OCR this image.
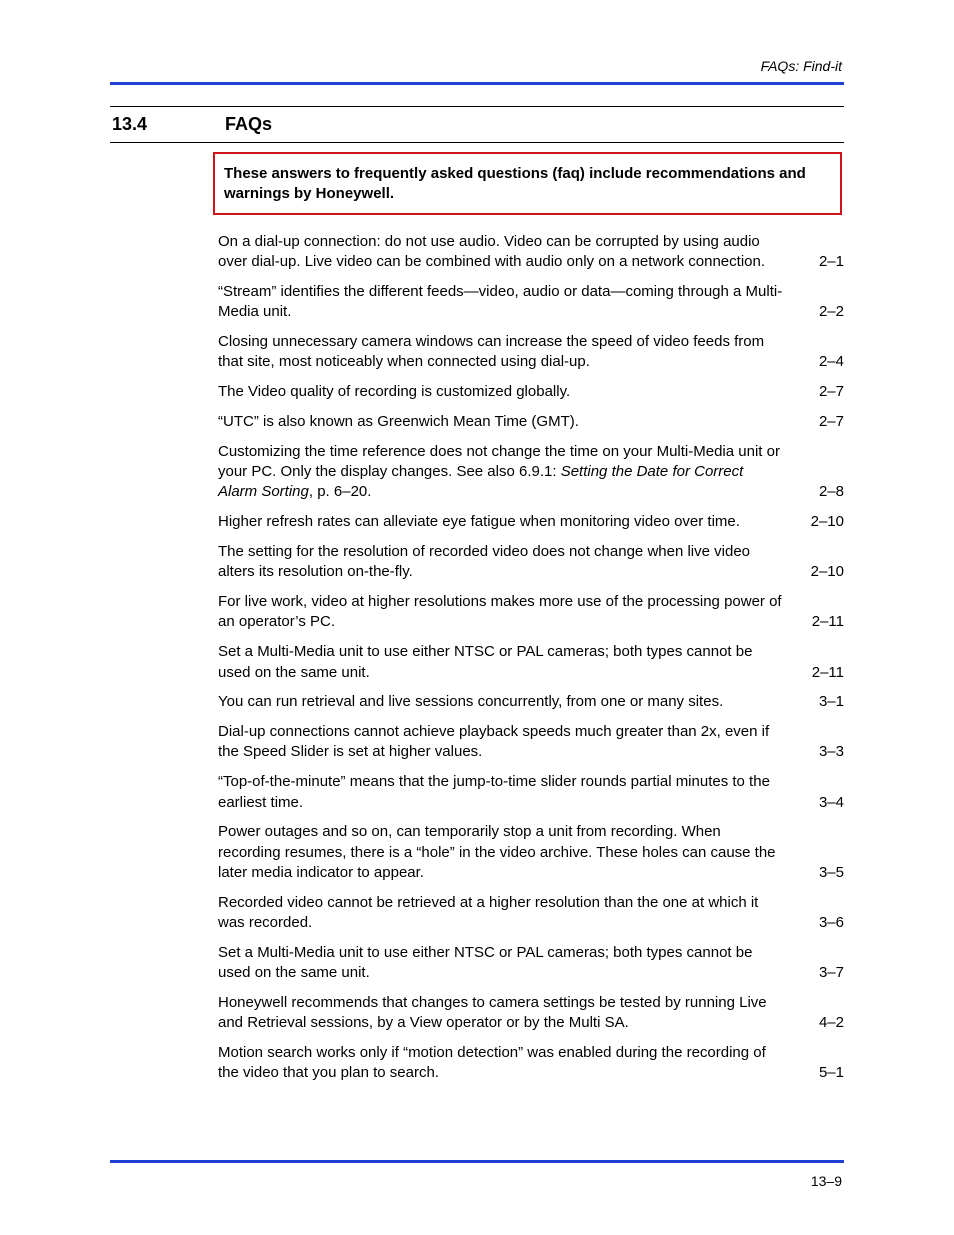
FAQs: Find-it
13.4	FAQs
These answers to frequently asked questions (faq) include recommendations and warnings by Honeywell.
On a dial-up connection: do not use audio. Video can be corrupted by using audio over dial-up. Live video can be combined with audio only on a network connection.	2–1
“Stream” identifies the different feeds—video, audio or data—coming through a Multi-Media unit.	2–2
Closing unnecessary camera windows can increase the speed of video feeds from that site, most noticeably when connected using dial-up.	2–4
The Video quality of recording is customized globally.	2–7
“UTC” is also known as Greenwich Mean Time (GMT).	2–7
Customizing the time reference does not change the time on your Multi-Media unit or your PC. Only the display changes. See also 6.9.1: Setting the Date for Correct Alarm Sorting, p. 6–20.	2–8
Higher refresh rates can alleviate eye fatigue when monitoring video over time.	2–10
The setting for the resolution of recorded video does not change when live video alters its resolution on-the-fly.	2–10
For live work, video at higher resolutions makes more use of the processing power of an operator’s PC.	2–11
Set a Multi-Media unit to use either NTSC or PAL cameras; both types cannot be used on the same unit.	2–11
You can run retrieval and live sessions concurrently, from one or many sites.	3–1
Dial-up connections cannot achieve playback speeds much greater than 2x, even if the Speed Slider is set at higher values.	3–3
“Top-of-the-minute” means that the jump-to-time slider rounds partial minutes to the earliest time.	3–4
Power outages and so on, can temporarily stop a unit from recording. When recording resumes, there is a “hole” in the video archive. These holes can cause the later media indicator to appear.	3–5
Recorded video cannot be retrieved at a higher resolution than the one at which it was recorded.	3–6
Set a Multi-Media unit to use either NTSC or PAL cameras; both types cannot be used on the same unit.	3–7
Honeywell recommends that changes to camera settings be tested by running Live and Retrieval sessions, by a View operator or by the Multi SA.	4–2
Motion search works only if “motion detection” was enabled during the recording of the video that you plan to search.	5–1
13–9
